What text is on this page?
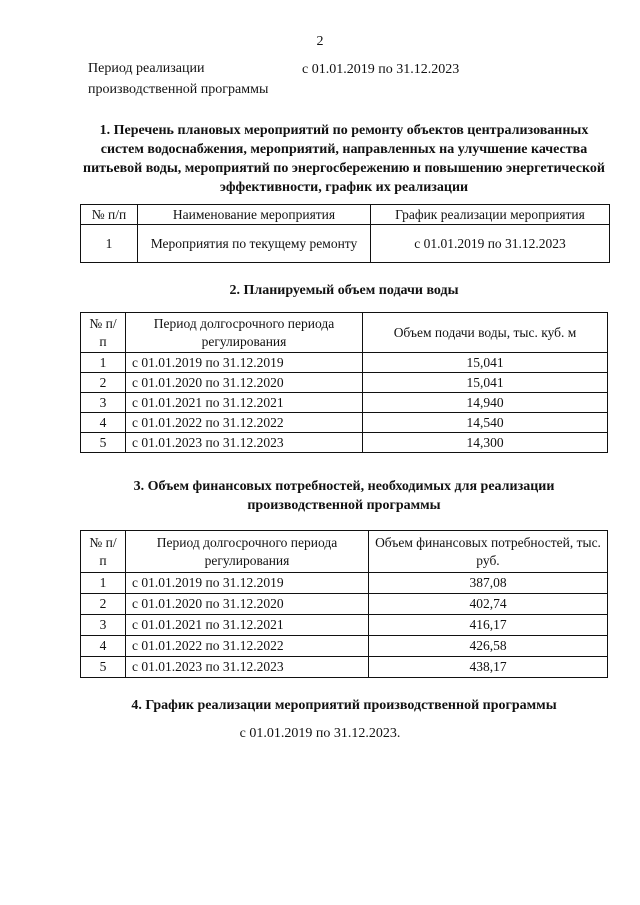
2
Период реализации
производственной программы
с 01.01.2019 по 31.12.2023
1. Перечень плановых мероприятий по ремонту объектов централизованных систем водоснабжения, мероприятий, направленных на улучшение качества питьевой воды, мероприятий по энергосбережению и повышению энергетической эффективности, график их реализации
№ п/п	Наименование мероприятия	График реализации мероприятия
1	Мероприятия по текущему ремонту	с 01.01.2019 по 31.12.2023
2. Планируемый объем подачи воды
№ п/п	Период долгосрочного периода регулирования	Объем подачи воды, тыс. куб. м
1	с 01.01.2019 по 31.12.2019	15,041
2	с 01.01.2020 по 31.12.2020	15,041
3	с 01.01.2021 по 31.12.2021	14,940
4	с 01.01.2022 по 31.12.2022	14,540
5	с 01.01.2023 по 31.12.2023	14,300
3. Объем финансовых потребностей, необходимых для реализации производственной программы
№ п/п	Период долгосрочного периода регулирования	Объем финансовых потребностей, тыс. руб.
1	с 01.01.2019 по 31.12.2019	387,08
2	с 01.01.2020 по 31.12.2020	402,74
3	с 01.01.2021 по 31.12.2021	416,17
4	с 01.01.2022 по 31.12.2022	426,58
5	с 01.01.2023 по 31.12.2023	438,17
4. График реализации мероприятий производственной программы
с 01.01.2019 по 31.12.2023.
